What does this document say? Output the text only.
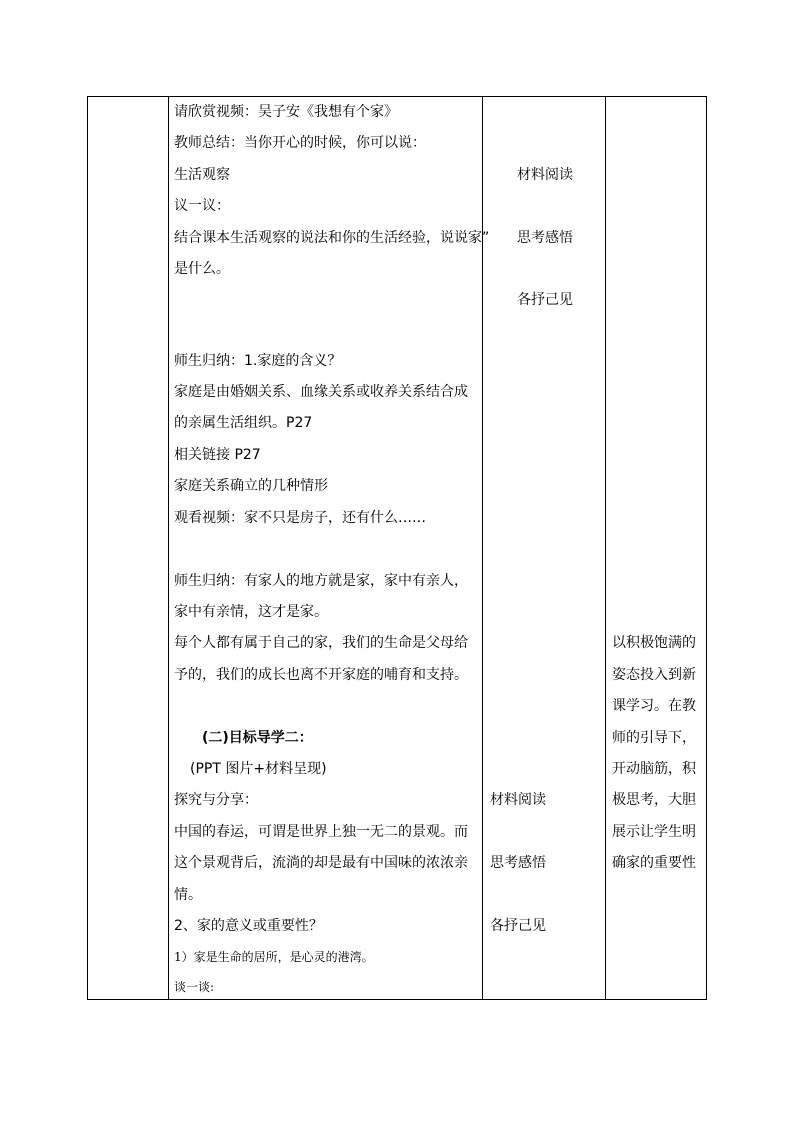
请欣赏视频：吴子安《我想有个家》
教师总结：当你开心的时候，你可以说：
生活观察
议一议：
结合课本生活观察的说法和你的生活经验，说说家”
是什么。
师生归纳：1.家庭的含义？
家庭是由婚姻关系、血缘关系或收养关系结合成
的亲属生活组织。P27
相关链接 P27
家庭关系确立的几种情形
观看视频：家不只是房子，还有什么……
师生归纳：有家人的地方就是家，家中有亲人，
家中有亲情，这才是家。
每个人都有属于自己的家，我们的生命是父母给
予的，我们的成长也离不开家庭的哺育和支持。
(二)目标导学二：
(PPT 图片+材料呈现)
探究与分享：
中国的春运，可谓是世界上独一无二的景观。而
这个景观背后，流淌的却是最有中国味的浓浓亲
情。
2、家的意义或重要性？
1）家是生命的居所，是心灵的港湾。
谈一谈:
材料阅读
思考感悟
各抒己见
材料阅读
思考感悟
各抒己见
以积极饱满的
姿态投入到新
课学习。在教
师的引导下，
开动脑筋，积
极思考，大胆
展示让学生明
确家的重要性
